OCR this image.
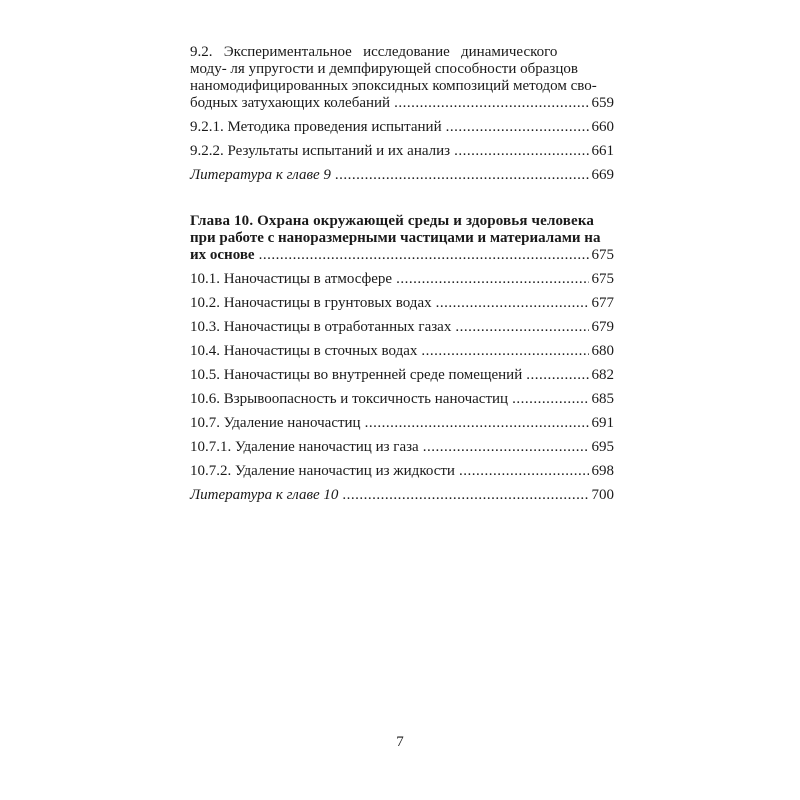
9.2.   Экспериментальное   исследование   динамического
моду- ля упругости и демпфирующей способности образцов
наномодифицированных эпоксидных композиций методом сво-
бодных затухающих колебаний .....	659
9.2.1. Методика проведения испытаний .....	660
9.2.2. Результаты испытаний и их анализ .....	661
Литература к главе 9 .....	669
Глава 10. Охрана окружающей среды и здоровья человека
при работе с наноразмерными частицами и материалами на
их основе .....	675
10.1. Наночастицы в атмосфере .....	675
10.2. Наночастицы в грунтовых водах .....	677
10.3. Наночастицы в отработанных газах .....	679
10.4. Наночастицы в сточных водах .....	680
10.5. Наночастицы во внутренней среде помещений .....	682
10.6. Взрывоопасность и токсичность наночастиц .....	685
10.7. Удаление наночастиц .....	691
10.7.1. Удаление наночастиц из газа .....	695
10.7.2. Удаление наночастиц из жидкости .....	698
Литература к главе 10 .....	700
7
